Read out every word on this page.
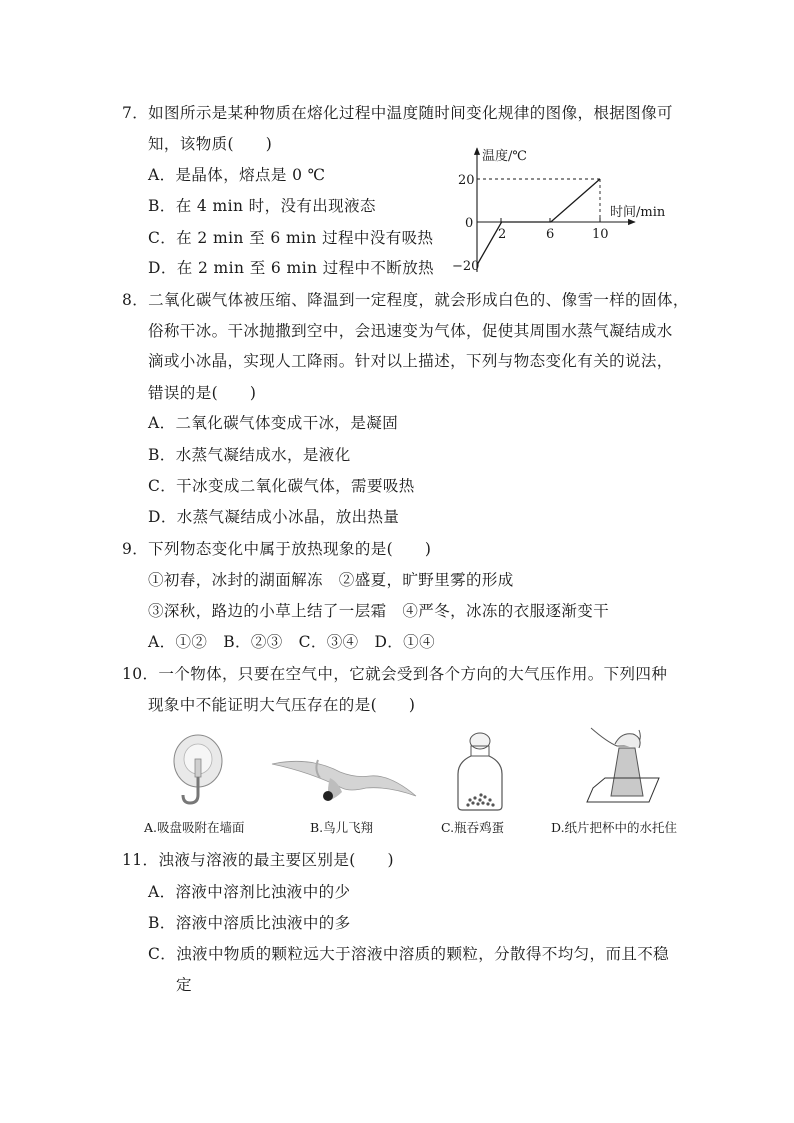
7．如图所示是某种物质在熔化过程中温度随时间变化规律的图像，根据图像可
知，该物质(　　)
A．是晶体，熔点是 0 ℃
B．在 4 min 时，没有出现液态
C．在 2 min 至 6 min 过程中没有吸热
D．在 2 min 至 6 min 过程中不断放热
温度/℃
时间/min
20
0
−20
2	6	10
8．二氧化碳气体被压缩、降温到一定程度，就会形成白色的、像雪一样的固体，
俗称干冰。干冰抛撒到空中，会迅速变为气体，促使其周围水蒸气凝结成水
滴或小冰晶，实现人工降雨。针对以上描述，下列与物态变化有关的说法，
错误的是(　　)
A．二氧化碳气体变成干冰，是凝固
B．水蒸气凝结成水，是液化
C．干冰变成二氧化碳气体，需要吸热
D．水蒸气凝结成小冰晶，放出热量
9．下列物态变化中属于放热现象的是(　　)
①初春，冰封的湖面解冻　②盛夏，旷野里雾的形成
③深秋，路边的小草上结了一层霜　④严冬，冰冻的衣服逐渐变干
A．①②　B．②③　C．③④　D．①④
10．一个物体，只要在空气中，它就会受到各个方向的大气压作用。下列四种
现象中不能证明大气压存在的是(　　)
A.吸盘吸附在墙面	B.鸟儿飞翔	C.瓶吞鸡蛋	D.纸片把杯中的水托住
11．浊液与溶液的最主要区别是(　　)
A．溶液中溶剂比浊液中的少
B．溶液中溶质比浊液中的多
C．浊液中物质的颗粒远大于溶液中溶质的颗粒，分散得不均匀，而且不稳
定
